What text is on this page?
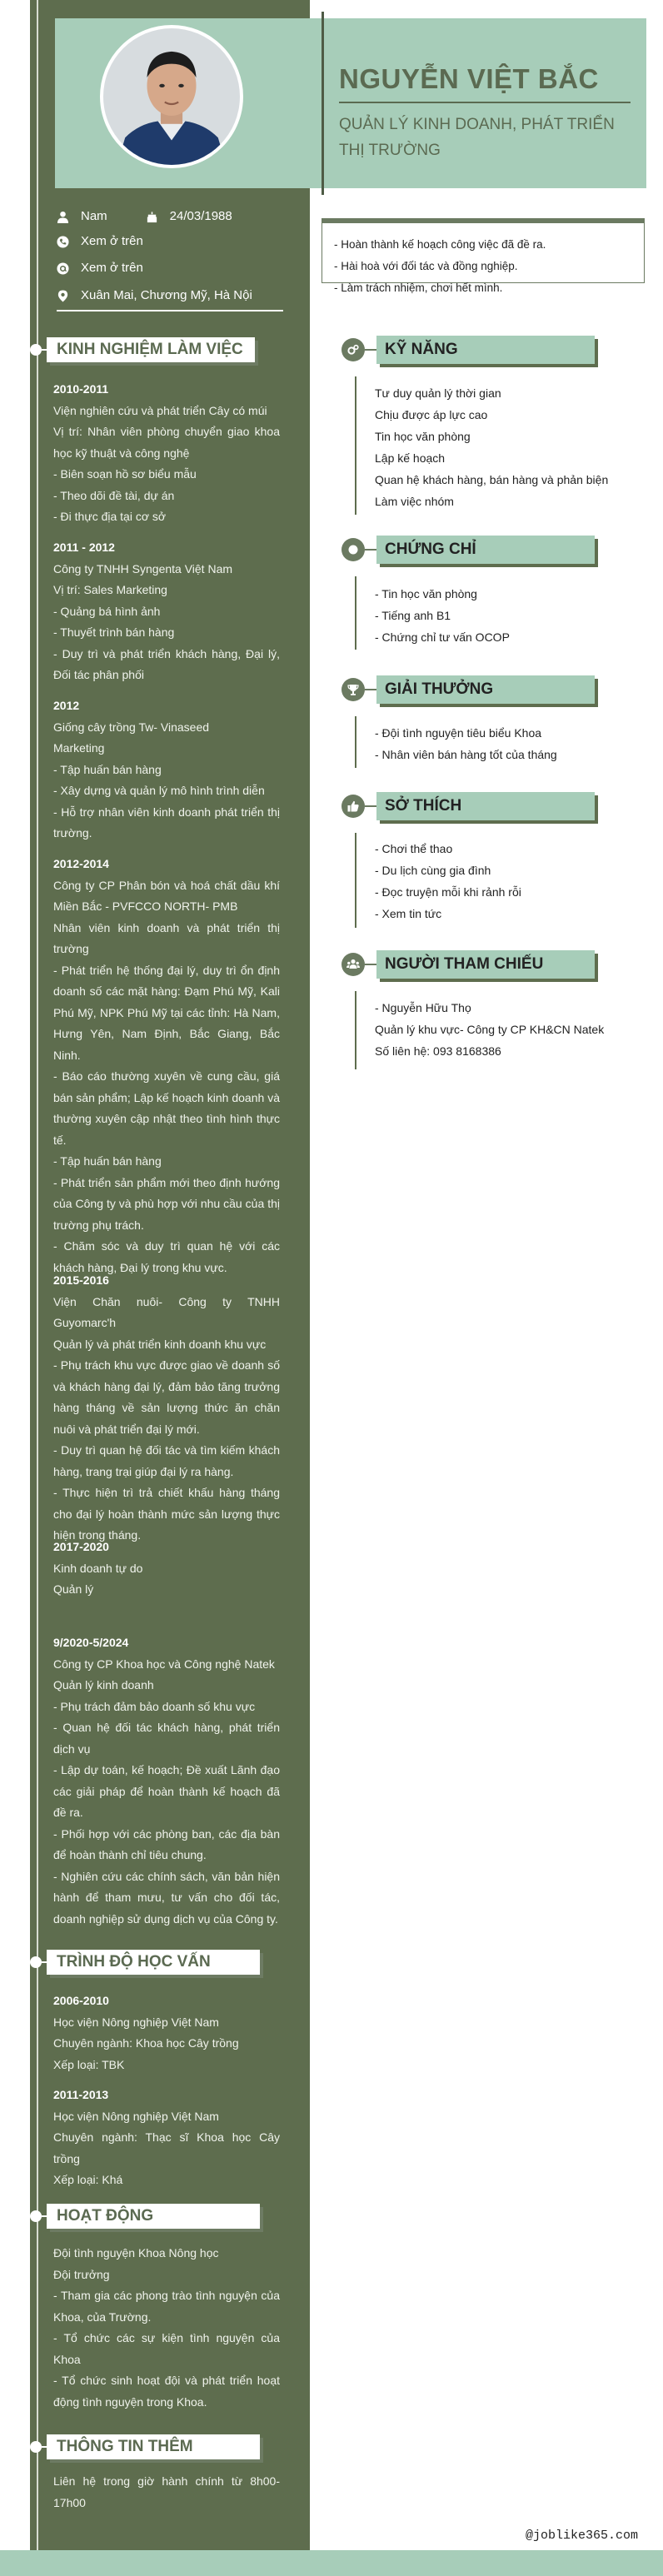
NGUYỄN VIỆT BẮC
QUẢN LÝ KINH DOANH, PHÁT TRIỂN THỊ TRƯỜNG
Nam	24/03/1988
Xem ở trên
Xem ở trên
Xuân Mai, Chương Mỹ, Hà Nội
KINH NGHIỆM LÀM VIỆC
2010-2011
Viện nghiên cứu và phát triển Cây có múi
Vị trí: Nhân viên phòng chuyển giao khoa học kỹ thuật và công nghệ
- Biên soạn hồ sơ biểu mẫu
- Theo dõi đề tài, dự án
- Đi thực địa tại cơ sở
2011 - 2012
Công ty TNHH Syngenta Việt Nam
Vị trí: Sales Marketing
- Quảng bá hình ảnh
- Thuyết trình bán hàng
- Duy trì và phát triển khách hàng, Đại lý, Đối tác phân phối
2012
Giống cây trồng Tw- Vinaseed
Marketing
- Tập huấn bán hàng
- Xây dựng và quản lý mô hình trình diễn
- Hỗ trợ nhân viên kinh doanh phát triển thị trường.
2012-2014
Công ty CP Phân bón và hoá chất dầu khí Miền Bắc - PVFCCO NORTH- PMB
Nhân viên kinh doanh và phát triển thị trường
- Phát triển hệ thống đại lý, duy trì ổn định doanh số các mặt hàng: Đạm Phú Mỹ, Kali Phú Mỹ, NPK Phú Mỹ tại các tỉnh: Hà Nam, Hưng Yên, Nam Định, Bắc Giang, Bắc Ninh.
- Báo cáo thường xuyên về cung cầu, giá bán sản phẩm; Lập kế hoạch kinh doanh và thường xuyên cập nhật theo tình hình thực tế.
- Tập huấn bán hàng
- Phát triển sản phẩm mới theo định hướng của Công ty và phù hợp với nhu cầu của thị trường phụ trách.
- Chăm sóc và duy trì quan hệ với các khách hàng, Đại lý trong khu vực.
2015-2016
Viện Chăn nuôi- Công ty TNHH Guyomarc'h
Quản lý và phát triển kinh doanh khu vực
- Phụ trách khu vực được giao về doanh số và khách hàng đại lý, đảm bảo tăng trưởng hàng tháng về sản lượng thức ăn chăn nuôi và phát triển đại lý mới.
- Duy trì quan hệ đối tác và tìm kiếm khách hàng, trang trại giúp đại lý ra hàng.
- Thực hiện trì trả chiết khấu hàng tháng cho đại lý hoàn thành mức sản lượng thực hiện trong tháng.
2017-2020
Kinh doanh tự do
Quản lý
9/2020-5/2024
Công ty CP Khoa học và Công nghệ Natek
Quản lý kinh doanh
- Phụ trách đảm bảo doanh số khu vực
- Quan hệ đối tác khách hàng, phát triển dịch vụ
- Lập dự toán, kế hoạch; Đề xuất Lãnh đạo các giải pháp để hoàn thành kế hoạch đã đề ra.
- Phối hợp với các phòng ban, các địa bàn để hoàn thành chỉ tiêu chung.
- Nghiên cứu các chính sách, văn bản hiện hành để tham mưu, tư vấn cho đối tác, doanh nghiệp sử dụng dịch vụ của Công ty.
TRÌNH ĐỘ HỌC VẤN
2006-2010
Học viện Nông nghiệp Việt Nam
Chuyên ngành: Khoa học Cây trồng
Xếp loại: TBK
2011-2013
Học viện Nông nghiệp Việt Nam
Chuyên ngành: Thạc sĩ Khoa học Cây trồng
Xếp loại: Khá
HOẠT ĐỘNG
Đội tình nguyện Khoa Nông học
Đội trưởng
- Tham gia các phong trào tình nguyện của Khoa, của Trường.
- Tổ chức các sự kiện tình nguyện của Khoa
- Tổ chức sinh hoạt đội và phát triển hoạt động tình nguyện trong Khoa.
THÔNG TIN THÊM
Liên hệ trong giờ hành chính từ 8h00-17h00
- Hoàn thành kế hoạch công việc đã đề ra.
- Hài hoà với đối tác và đồng nghiệp.
- Làm trách nhiệm, chơi hết mình.
KỸ NĂNG
Tư duy quản lý thời gian
Chịu được áp lực cao
Tin học văn phòng
Lập kế hoạch
Quan hệ khách hàng, bán hàng và phản biện
Làm việc nhóm
CHỨNG CHỈ
- Tin học văn phòng
- Tiếng anh B1
- Chứng chỉ tư vấn OCOP
GIẢI THƯỞNG
- Đội tình nguyện tiêu biểu Khoa
- Nhân viên bán hàng tốt của tháng
SỞ THÍCH
- Chơi thể thao
- Du lịch cùng gia đình
- Đọc truyện mỗi khi rảnh rỗi
- Xem tin tức
NGƯỜI THAM CHIẾU
- Nguyễn Hữu Thọ
Quản lý khu vực- Công ty CP KH&CN Natek
Số liên hệ: 093 8168386
@joblike365.com
